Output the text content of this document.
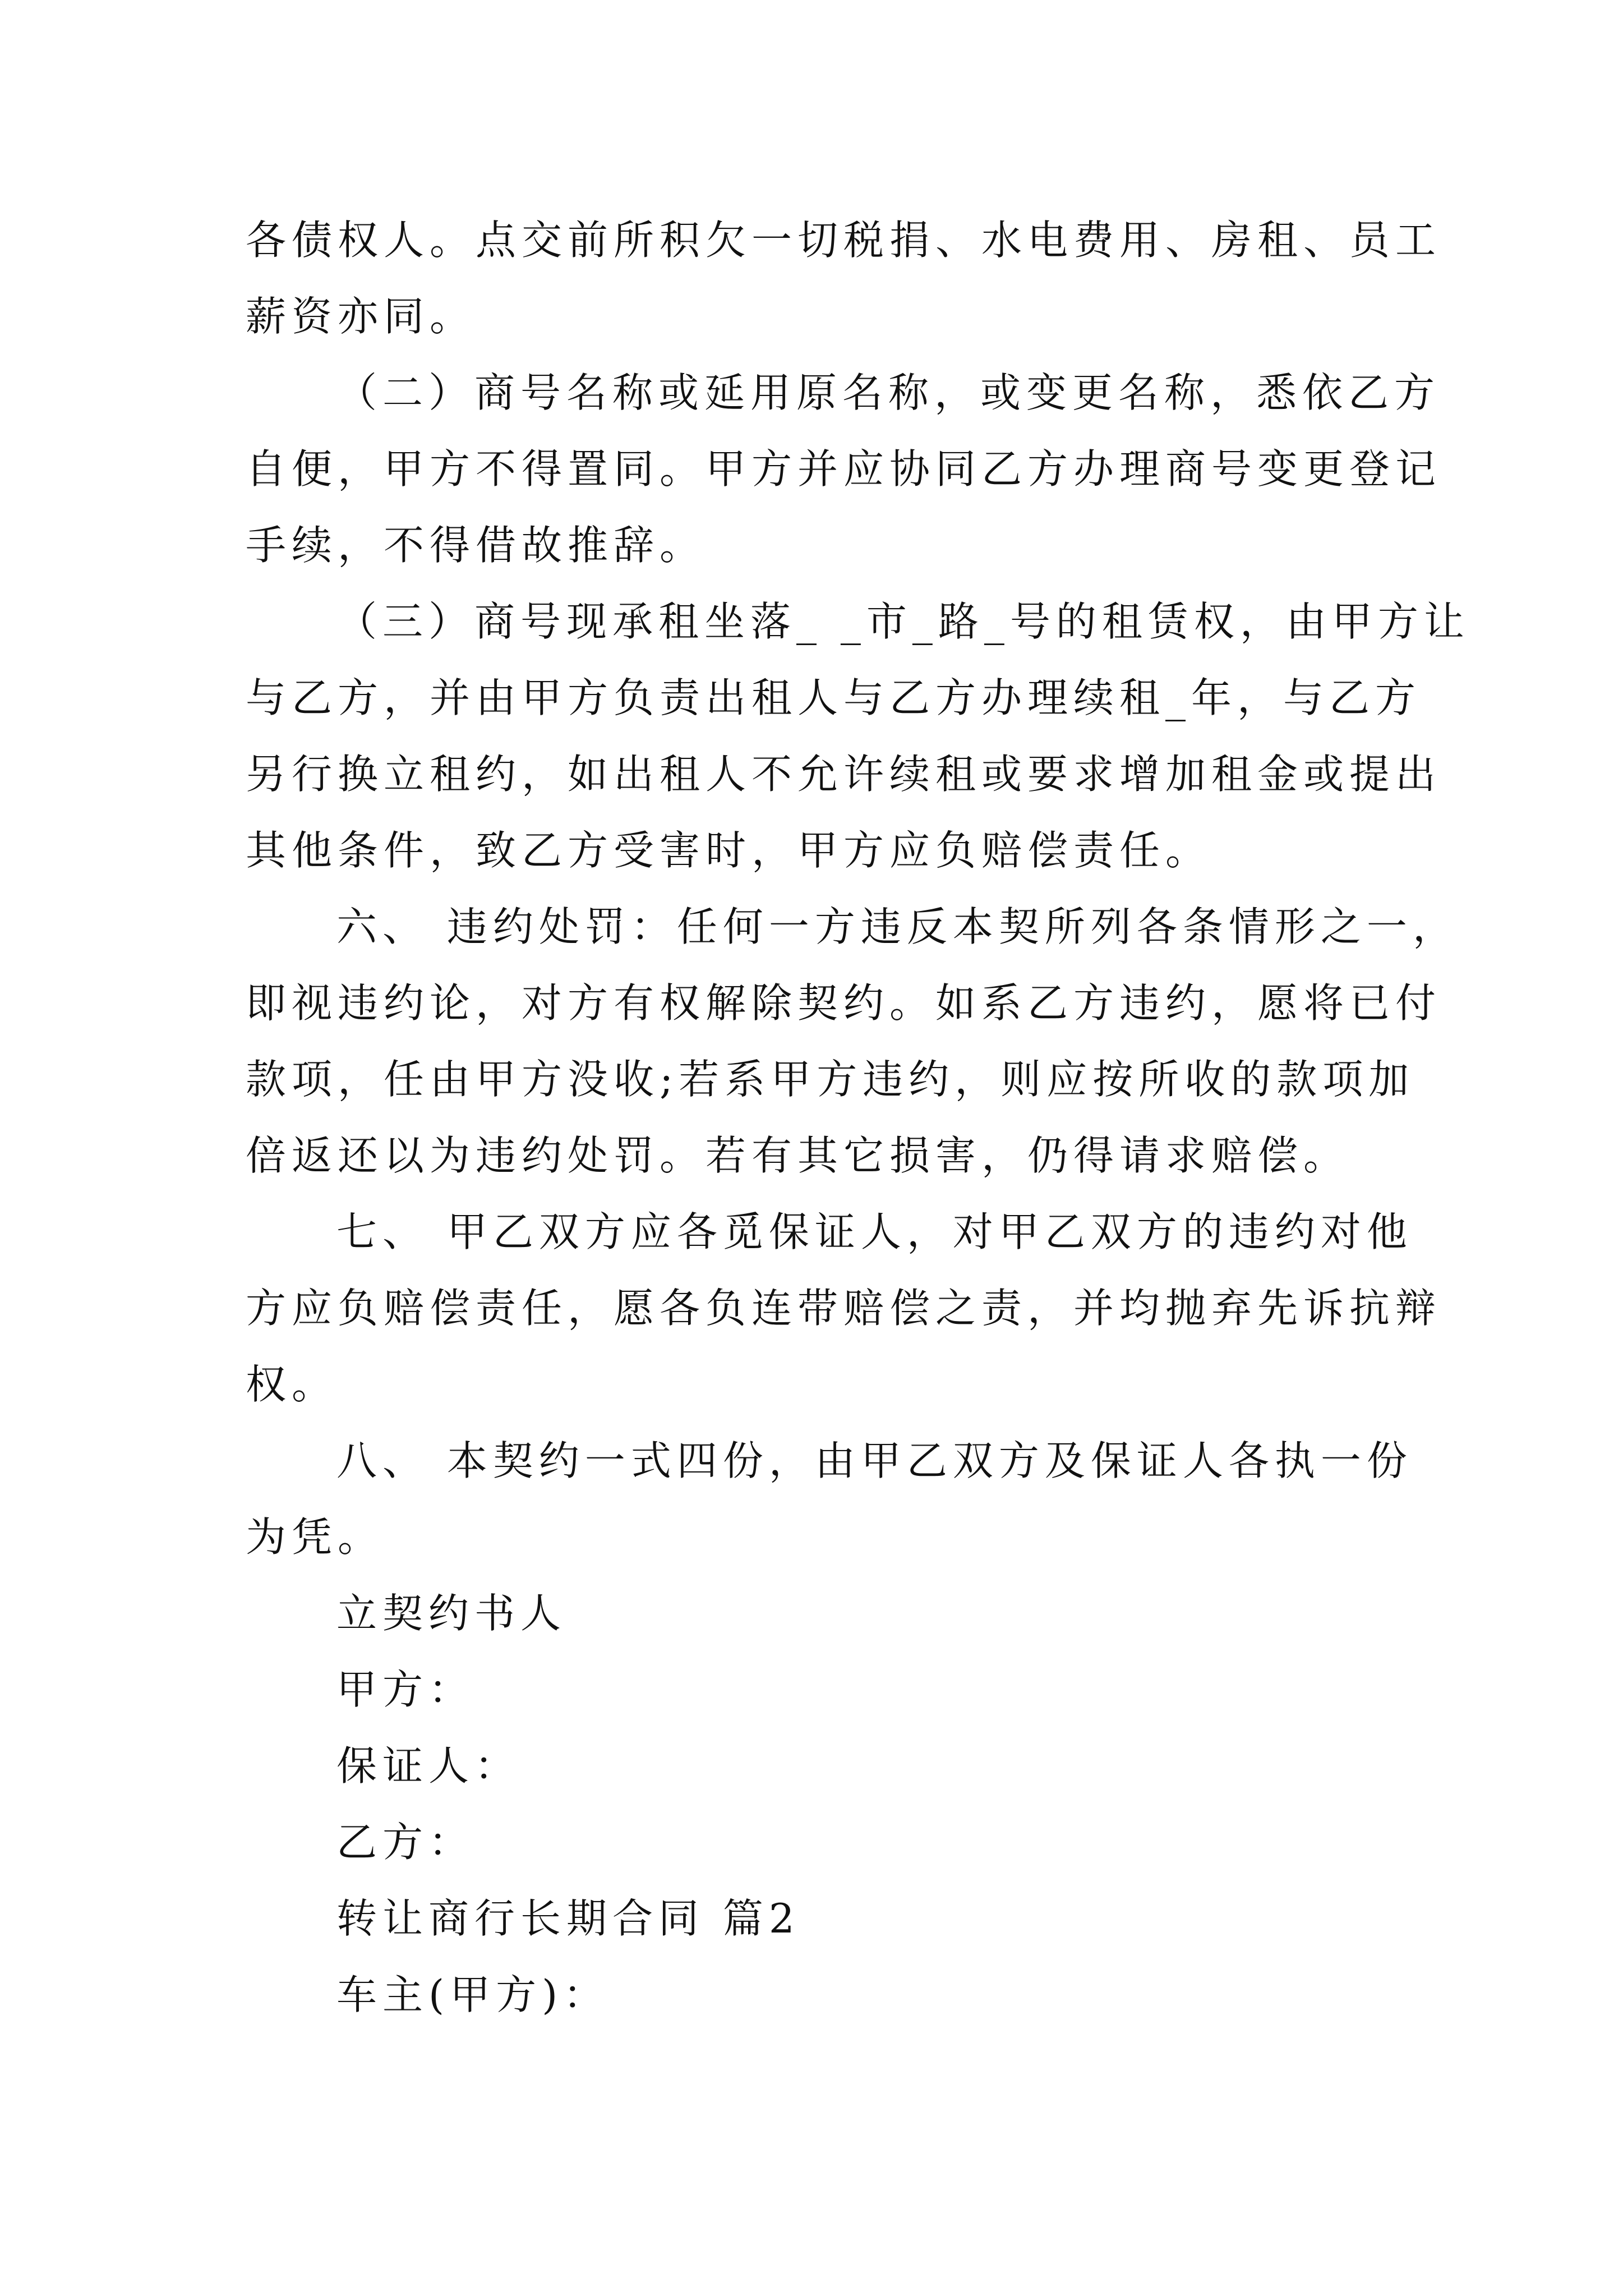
各债权人。点交前所积欠一切税捐、水电费用、房租、员工
薪资亦同。
（二）商号名称或延用原名称，或变更名称，悉依乙方
自便，甲方不得置同。甲方并应协同乙方办理商号变更登记
手续，不得借故推辞。
（三）商号现承租坐落_ _市_路_号的租赁权，由甲方让
与乙方，并由甲方负责出租人与乙方办理续租_年，与乙方
另行换立租约，如出租人不允许续租或要求增加租金或提出
其他条件，致乙方受害时，甲方应负赔偿责任。
六、 违约处罚：任何一方违反本契所列各条情形之一，
即视违约论，对方有权解除契约。如系乙方违约，愿将已付
款项，任由甲方没收;若系甲方违约，则应按所收的款项加
倍返还以为违约处罚。若有其它损害，仍得请求赔偿。
七、 甲乙双方应各觅保证人，对甲乙双方的违约对他
方应负赔偿责任，愿各负连带赔偿之责，并均抛弃先诉抗辩
权。
八、 本契约一式四份，由甲乙双方及保证人各执一份
为凭。
立契约书人
甲方：
保证人：
乙方：
转让商行长期合同 篇2
车主(甲方)：
